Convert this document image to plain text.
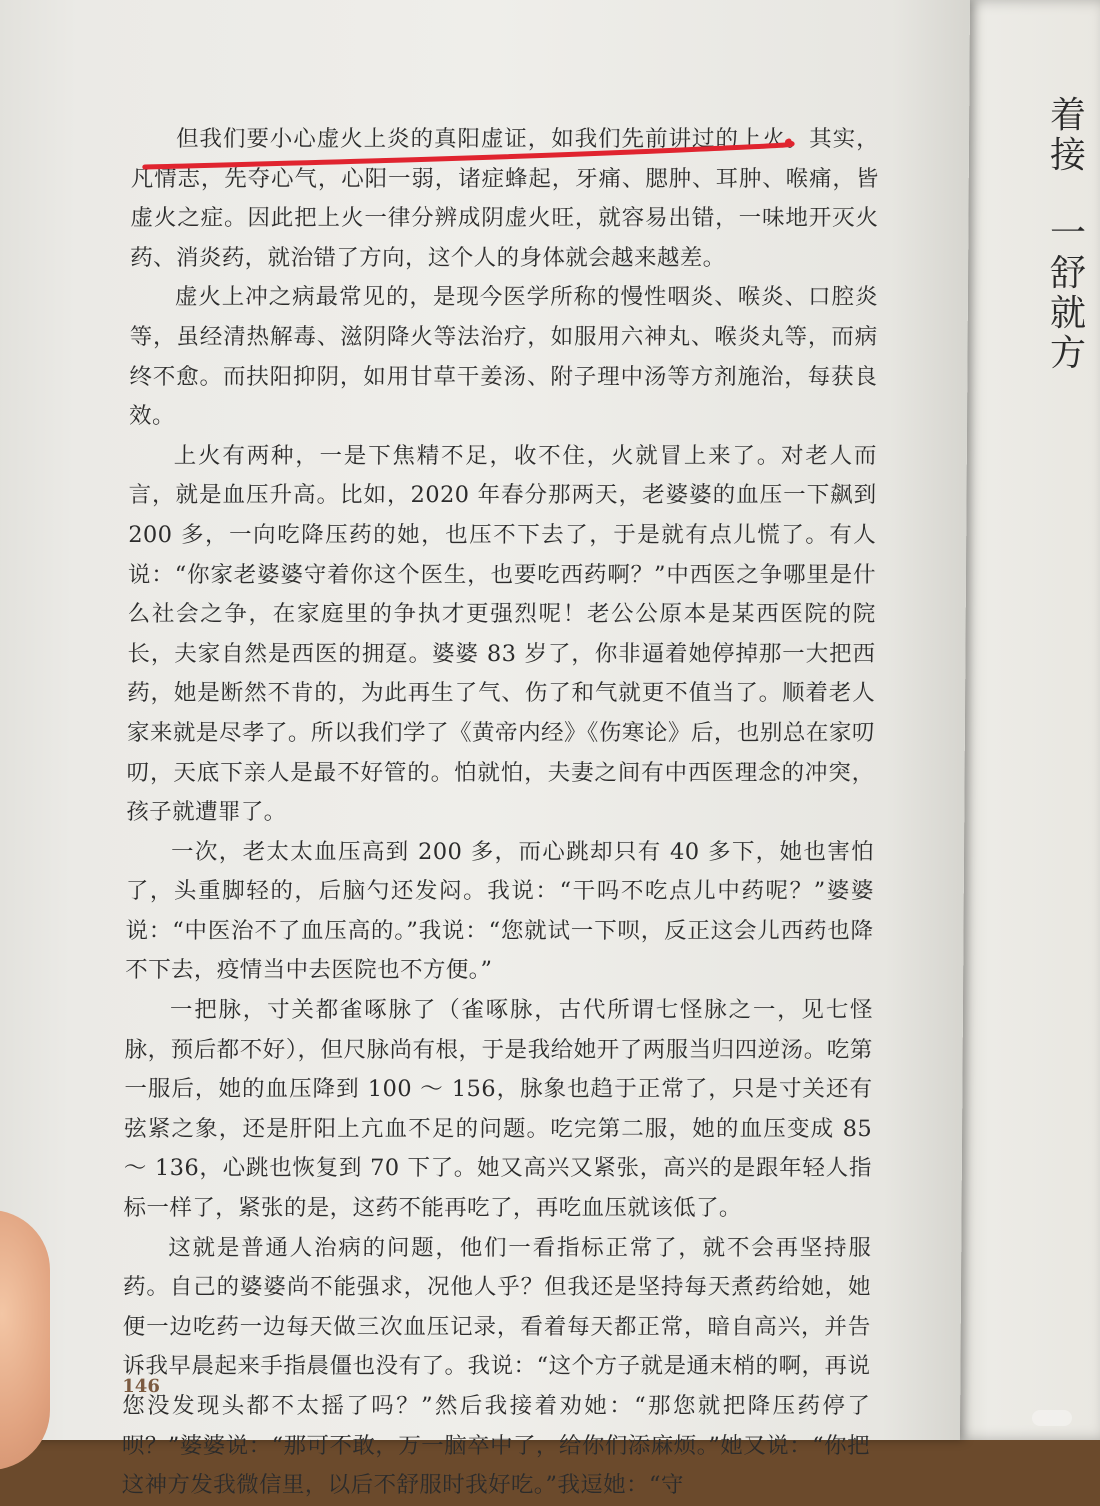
着
接
一
舒
就
方

但我们要小心虚火上炎的真阳虚证，如我们先前讲过的上火。其实，凡情志，先夺心气，心阳一弱，诸症蜂起，牙痛、腮肿、耳肿、喉痛，皆虚火之症。因此把上火一律分辨成阴虚火旺，就容易出错，一味地开灭火药、消炎药，就治错了方向，这个人的身体就会越来越差。

虚火上冲之病最常见的，是现今医学所称的慢性咽炎、喉炎、口腔炎等，虽经清热解毒、滋阴降火等法治疗，如服用六神丸、喉炎丸等，而病终不愈。而扶阳抑阴，如用甘草干姜汤、附子理中汤等方剂施治，每获良效。

上火有两种，一是下焦精不足，收不住，火就冒上来了。对老人而言，就是血压升高。比如，2020 年春分那两天，老婆婆的血压一下飙到 200 多，一向吃降压药的她，也压不下去了，于是就有点儿慌了。有人说：“你家老婆婆守着你这个医生，也要吃西药啊？”中西医之争哪里是什么社会之争，在家庭里的争执才更强烈呢！老公公原本是某西医院的院长，夫家自然是西医的拥趸。婆婆 83 岁了，你非逼着她停掉那一大把西药，她是断然不肯的，为此再生了气、伤了和气就更不值当了。顺着老人家来就是尽孝了。所以我们学了《黄帝内经》《伤寒论》后，也别总在家叨叨，天底下亲人是最不好管的。怕就怕，夫妻之间有中西医理念的冲突，孩子就遭罪了。

一次，老太太血压高到 200 多，而心跳却只有 40 多下，她也害怕了，头重脚轻的，后脑勺还发闷。我说：“干吗不吃点儿中药呢？”婆婆说：“中医治不了血压高的。”我说：“您就试一下呗，反正这会儿西药也降不下去，疫情当中去医院也不方便。”

一把脉，寸关都雀啄脉了（雀啄脉，古代所谓七怪脉之一，见七怪脉，预后都不好），但尺脉尚有根，于是我给她开了两服当归四逆汤。吃第一服后，她的血压降到 100 ～ 156，脉象也趋于正常了，只是寸关还有弦紧之象，还是肝阳上亢血不足的问题。吃完第二服，她的血压变成 85 ～ 136，心跳也恢复到 70 下了。她又高兴又紧张，高兴的是跟年轻人指标一样了，紧张的是，这药不能再吃了，再吃血压就该低了。

这就是普通人治病的问题，他们一看指标正常了，就不会再坚持服药。自己的婆婆尚不能强求，况他人乎？但我还是坚持每天煮药给她，她便一边吃药一边每天做三次血压记录，看着每天都正常，暗自高兴，并告诉我早晨起来手指晨僵也没有了。我说：“这个方子就是通末梢的啊，再说您没发现头都不太摇了吗？”然后我接着劝她：“那您就把降压药停了呗？”婆婆说：“那可不敢，万一脑卒中了，给你们添麻烦。”她又说：“你把这神方发我微信里，以后不舒服时我好吃。”我逗她：“守

146
